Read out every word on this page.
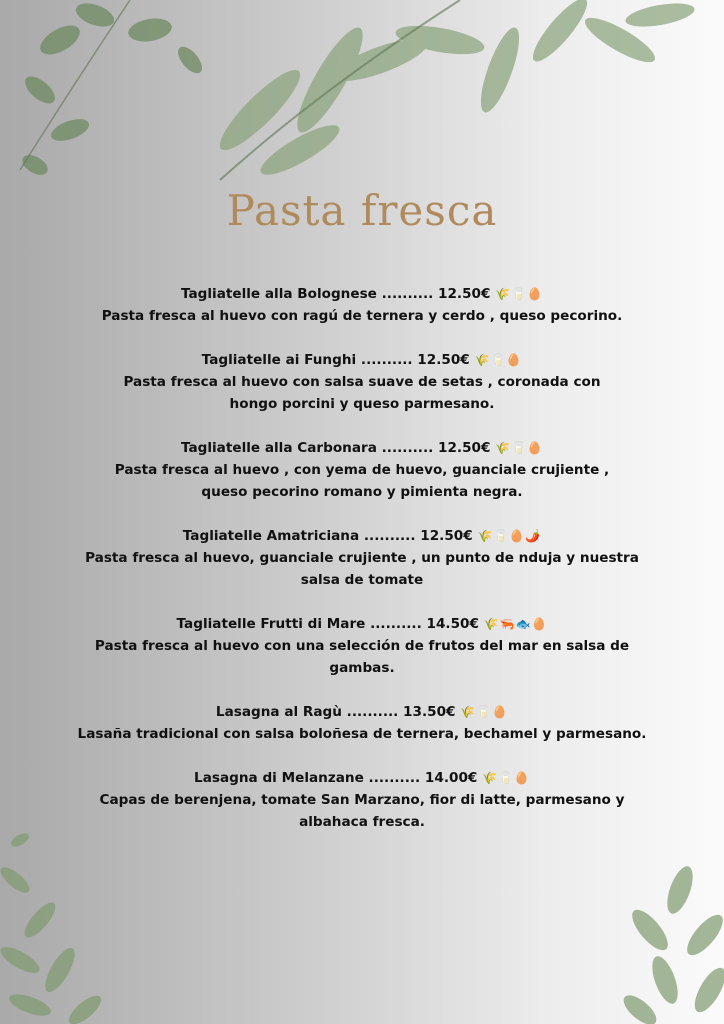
Pasta fresca
Tagliatelle alla Bolognese .......... 12.50€ 🌾🥛🥚
Pasta fresca al huevo con ragú de ternera y cerdo , queso pecorino.
Tagliatelle ai Funghi .......... 12.50€ 🌾🥛🥚
Pasta fresca al huevo con salsa suave de setas , coronada con hongo porcini y queso parmesano.
Tagliatelle alla Carbonara .......... 12.50€ 🌾🥛🥚
Pasta fresca al huevo , con yema de huevo, guanciale crujiente , queso pecorino romano y pimienta negra.
Tagliatelle Amatriciana .......... 12.50€ 🌾🥛🥚🌶️
Pasta fresca al huevo, guanciale crujiente , un punto de nduja y nuestra salsa de tomate
Tagliatelle Frutti di Mare .......... 14.50€ 🌾🦐🐟🥚
Pasta fresca al huevo con una selección de frutos del mar en salsa de gambas.
Lasagna al Ragù .......... 13.50€ 🌾🥛🥚
Lasaña tradicional con salsa boloñesa de ternera, bechamel y parmesano.
Lasagna di Melanzane .......... 14.00€ 🌾🥛🥚
Capas de berenjena, tomate San Marzano, fior di latte, parmesano y albahaca fresca.
